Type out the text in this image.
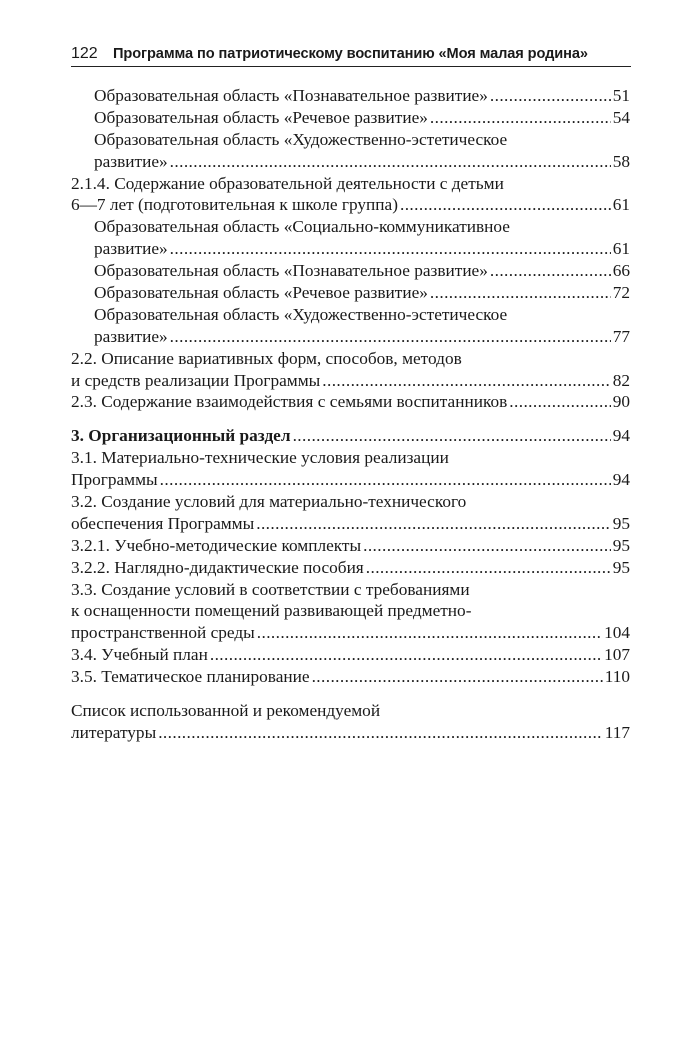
122 Программа по патриотическому воспитанию «Моя малая родина»
Образовательная область «Познавательное развитие» .....	51
Образовательная область «Речевое развитие» .....	54
Образовательная область «Художественно-эстетическое
развитие» .....	58
2.1.4. Содержание образовательной деятельности с детьми
6—7 лет (подготовительная к школе группа) .....	61
Образовательная область «Социально-коммуникативное
развитие» .....	61
Образовательная область «Познавательное развитие» .....	66
Образовательная область «Речевое развитие» .....	72
Образовательная область «Художественно-эстетическое
развитие» .....	77
2.2. Описание вариативных форм, способов, методов
и средств реализации Программы .....	82
2.3. Содержание взаимодействия с семьями воспитанников .....	90
3. Организационный раздел .....	94
3.1. Материально-технические условия реализации
Программы .....	94
3.2. Создание условий для материально-технического
обеспечения Программы .....	95
3.2.1. Учебно-методические комплекты .....	95
3.2.2. Наглядно-дидактические пособия .....	95
3.3. Создание условий в соответствии с требованиями
к оснащенности помещений развивающей предметно-
пространственной среды .....	104
3.4. Учебный план .....	107
3.5. Тематическое планирование .....	110
Список использованной и рекомендуемой
литературы .....	117
